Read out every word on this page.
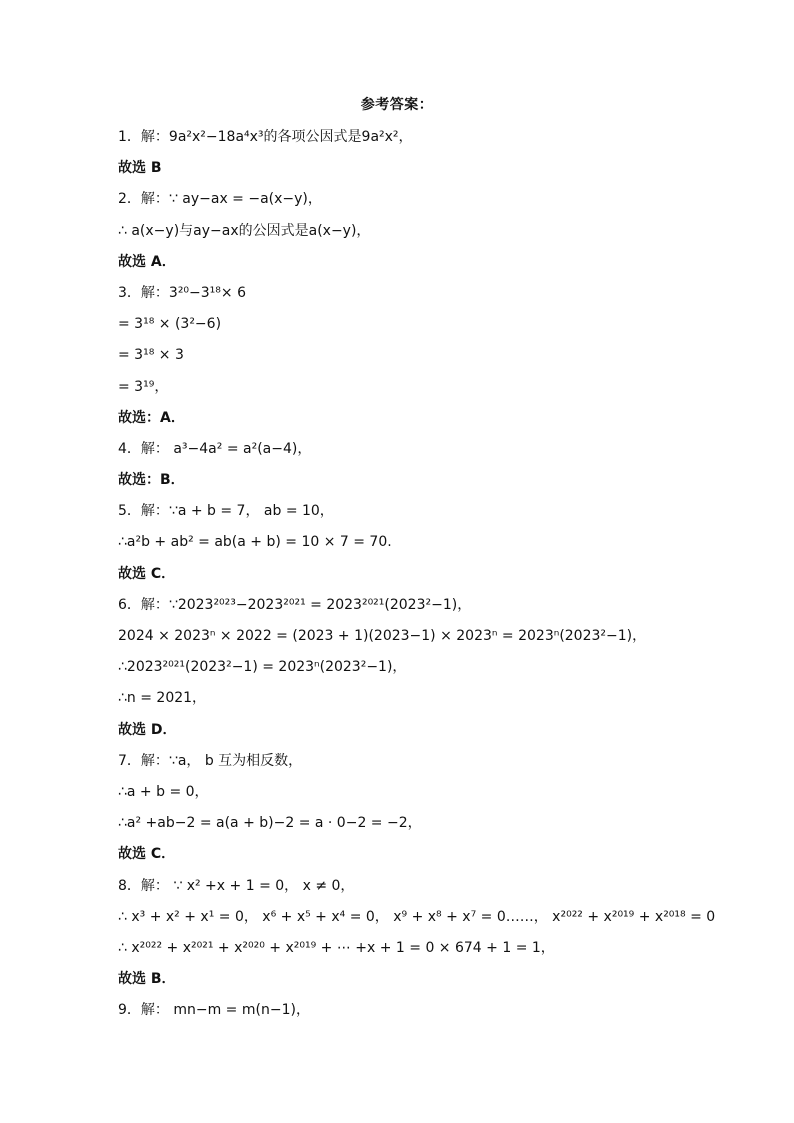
参考答案：
1．解：9a²x²−18a⁴x³的各项公因式是9a²x²，
故选 B
2．解：∵ ay−ax = −a(x−y)，
∴ a(x−y)与ay−ax的公因式是a(x−y)，
故选 A．
3．解：3²⁰−3¹⁸× 6
= 3¹⁸ × (3²−6)
= 3¹⁸ × 3
= 3¹⁹，
故选：A．
4．解： a³−4a² = a²(a−4)，
故选：B．
5．解：∵a + b = 7， ab = 10，
∴a²b + ab² = ab(a + b) = 10 × 7 = 70.
故选 C．
6．解：∵2023²⁰²³−2023²⁰²¹ = 2023²⁰²¹(2023²−1)，
2024 × 2023ⁿ × 2022 = (2023 + 1)(2023−1) × 2023ⁿ = 2023ⁿ(2023²−1)，
∴2023²⁰²¹(2023²−1) = 2023ⁿ(2023²−1)，
∴n = 2021，
故选 D．
7．解：∵a， b 互为相反数，
∴a + b = 0，
∴a² +ab−2 = a(a + b)−2 = a · 0−2 = −2，
故选 C．
8．解： ∵ x² +x + 1 = 0， x ≠ 0，
∴ x³ + x² + x¹ = 0， x⁶ + x⁵ + x⁴ = 0， x⁹ + x⁸ + x⁷ = 0……， x²⁰²² + x²⁰¹⁹ + x²⁰¹⁸ = 0
∴ x²⁰²² + x²⁰²¹ + x²⁰²⁰ + x²⁰¹⁹ + ⋯ +x + 1 = 0 × 674 + 1 = 1，
故选 B．
9．解： mn−m = m(n−1)，
